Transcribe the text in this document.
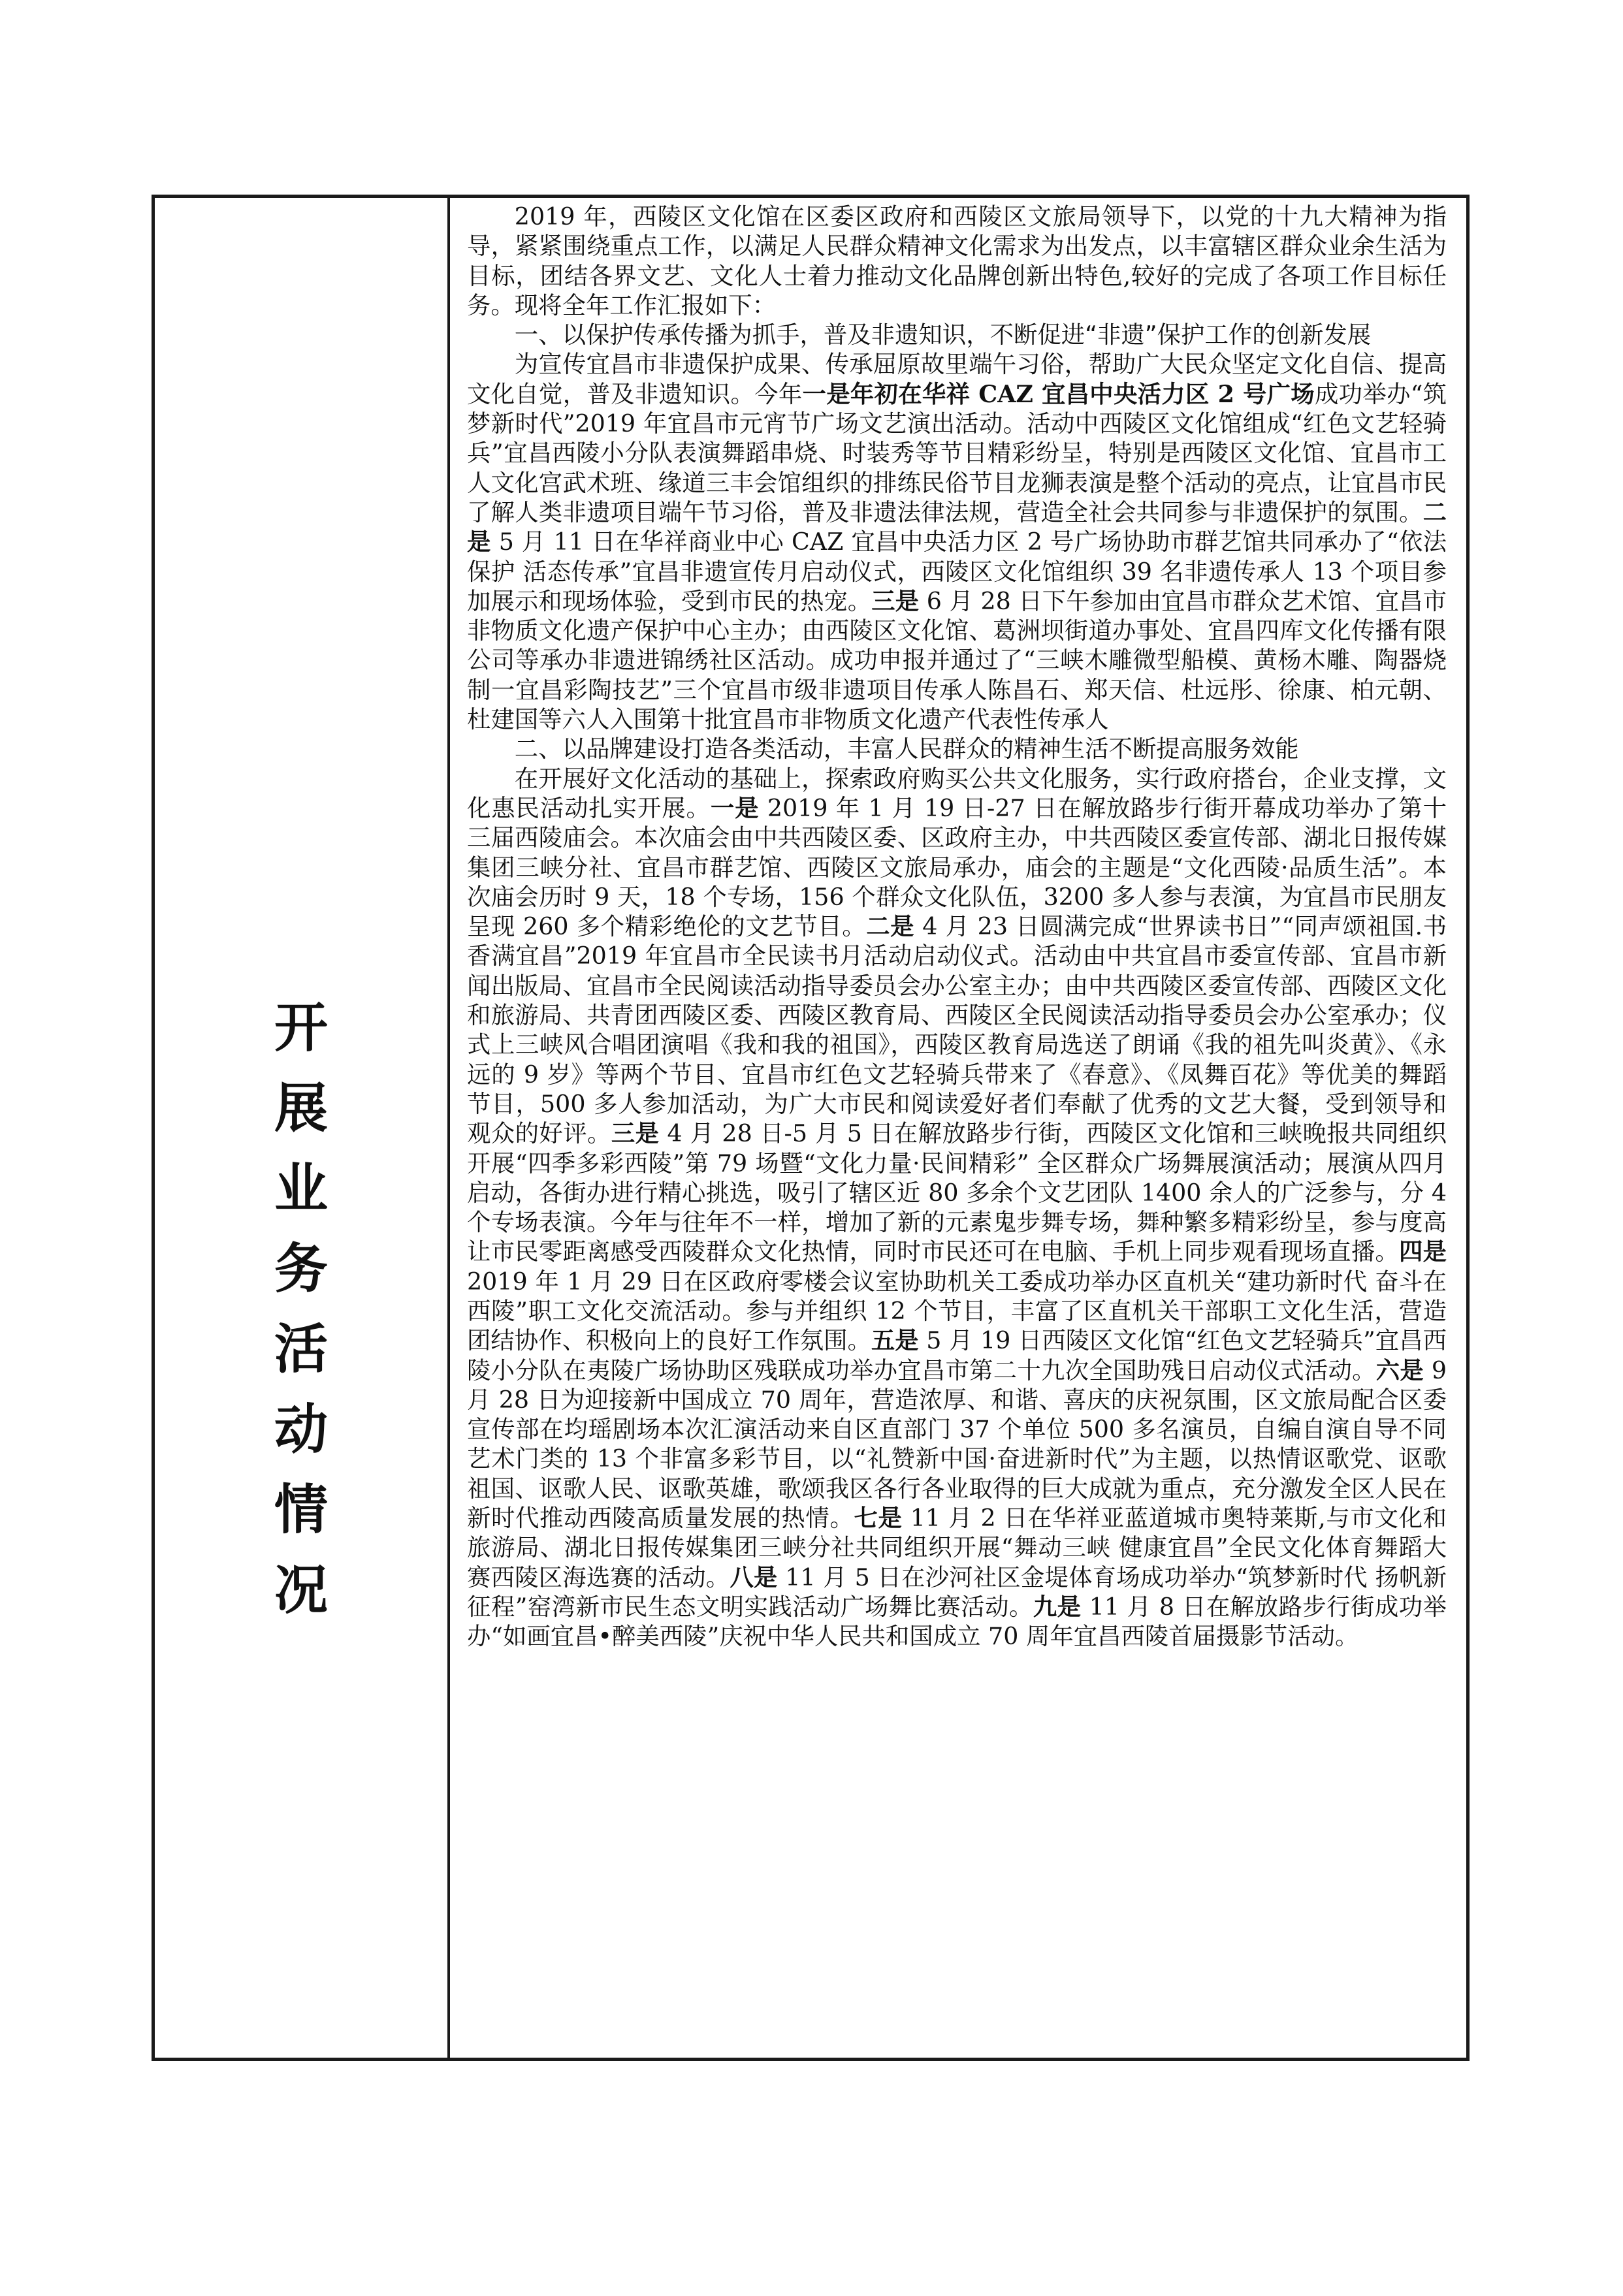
开
展
业
务
活
动
情
况

2019 年，西陵区文化馆在区委区政府和西陵区文旅局领导下，以党的十九大精神为指导，紧紧围绕重点工作，以满足人民群众精神文化需求为出发点，以丰富辖区群众业余生活为目标，团结各界文艺、文化人士着力推动文化品牌创新出特色,较好的完成了各项工作目标任务。现将全年工作汇报如下：

一、以保护传承传播为抓手，普及非遗知识，不断促进“非遗”保护工作的创新发展

为宣传宜昌市非遗保护成果、传承屈原故里端午习俗，帮助广大民众坚定文化自信、提高文化自觉，普及非遗知识。今年一是年初在华祥 CAZ 宜昌中央活力区 2 号广场成功举办“筑梦新时代”2019 年宜昌市元宵节广场文艺演出活动。活动中西陵区文化馆组成“红色文艺轻骑兵”宜昌西陵小分队表演舞蹈串烧、时装秀等节目精彩纷呈，特别是西陵区文化馆、宜昌市工人文化宫武术班、缘道三丰会馆组织的排练民俗节目龙狮表演是整个活动的亮点，让宜昌市民了解人类非遗项目端午节习俗，普及非遗法律法规，营造全社会共同参与非遗保护的氛围。二是 5 月 11 日在华祥商业中心 CAZ 宜昌中央活力区 2 号广场协助市群艺馆共同承办了“依法保护 活态传承”宜昌非遗宣传月启动仪式，西陵区文化馆组织 39 名非遗传承人 13 个项目参加展示和现场体验，受到市民的热宠。三是 6 月 28 日下午参加由宜昌市群众艺术馆、宜昌市非物质文化遗产保护中心主办；由西陵区文化馆、葛洲坝街道办事处、宜昌四库文化传播有限公司等承办非遗进锦绣社区活动。成功申报并通过了“三峡木雕微型船模、黄杨木雕、陶器烧制一宜昌彩陶技艺”三个宜昌市级非遗项目传承人陈昌石、郑天信、杜远彤、徐康、柏元朝、杜建国等六人入围第十批宜昌市非物质文化遗产代表性传承人

二、以品牌建设打造各类活动，丰富人民群众的精神生活不断提高服务效能

在开展好文化活动的基础上，探索政府购买公共文化服务，实行政府搭台，企业支撑，文化惠民活动扎实开展。一是 2019 年 1 月 19 日-27 日在解放路步行街开幕成功举办了第十三届西陵庙会。本次庙会由中共西陵区委、区政府主办，中共西陵区委宣传部、湖北日报传媒集团三峡分社、宜昌市群艺馆、西陵区文旅局承办，庙会的主题是“文化西陵·品质生活”。本次庙会历时 9 天，18 个专场，156 个群众文化队伍，3200 多人参与表演，为宜昌市民朋友呈现 260 多个精彩绝伦的文艺节目。二是 4 月 23 日圆满完成“世界读书日”“同声颂祖国.书香满宜昌”2019 年宜昌市全民读书月活动启动仪式。活动由中共宜昌市委宣传部、宜昌市新闻出版局、宜昌市全民阅读活动指导委员会办公室主办；由中共西陵区委宣传部、西陵区文化和旅游局、共青团西陵区委、西陵区教育局、西陵区全民阅读活动指导委员会办公室承办；仪式上三峡风合唱团演唱《我和我的祖国》，西陵区教育局选送了朗诵《我的祖先叫炎黄》、《永远的 9 岁》等两个节目、宜昌市红色文艺轻骑兵带来了《春意》、《凤舞百花》等优美的舞蹈节目，500 多人参加活动，为广大市民和阅读爱好者们奉献了优秀的文艺大餐，受到领导和观众的好评。三是 4 月 28 日-5 月 5 日在解放路步行街，西陵区文化馆和三峡晚报共同组织开展“四季多彩西陵”第 79 场暨“文化力量·民间精彩” 全区群众广场舞展演活动；展演从四月启动，各街办进行精心挑选，吸引了辖区近 80 多余个文艺团队 1400 余人的广泛参与，分 4 个专场表演。今年与往年不一样，增加了新的元素鬼步舞专场，舞种繁多精彩纷呈，参与度高让市民零距离感受西陵群众文化热情，同时市民还可在电脑、手机上同步观看现场直播。四是 2019 年 1 月 29 日在区政府零楼会议室协助机关工委成功举办区直机关“建功新时代 奋斗在西陵”职工文化交流活动。参与并组织 12 个节目，丰富了区直机关干部职工文化生活，营造团结协作、积极向上的良好工作氛围。五是 5 月 19 日西陵区文化馆“红色文艺轻骑兵”宜昌西陵小分队在夷陵广场协助区残联成功举办宜昌市第二十九次全国助残日启动仪式活动。六是 9 月 28 日为迎接新中国成立 70 周年，营造浓厚、和谐、喜庆的庆祝氛围，区文旅局配合区委宣传部在均瑶剧场本次汇演活动来自区直部门 37 个单位 500 多名演员，自编自演自导不同艺术门类的 13 个非富多彩节目，以“礼赞新中国·奋进新时代”为主题，以热情讴歌党、讴歌祖国、讴歌人民、讴歌英雄，歌颂我区各行各业取得的巨大成就为重点，充分激发全区人民在新时代推动西陵高质量发展的热情。七是 11 月 2 日在华祥亚蓝道城市奥特莱斯,与市文化和旅游局、湖北日报传媒集团三峡分社共同组织开展“舞动三峡 健康宜昌”全民文化体育舞蹈大赛西陵区海选赛的活动。八是 11 月 5 日在沙河社区金堤体育场成功举办“筑梦新时代 扬帆新征程”窑湾新市民生态文明实践活动广场舞比赛活动。九是 11 月 8 日在解放路步行街成功举办“如画宜昌•醉美西陵”庆祝中华人民共和国成立 70 周年宜昌西陵首届摄影节活动。
